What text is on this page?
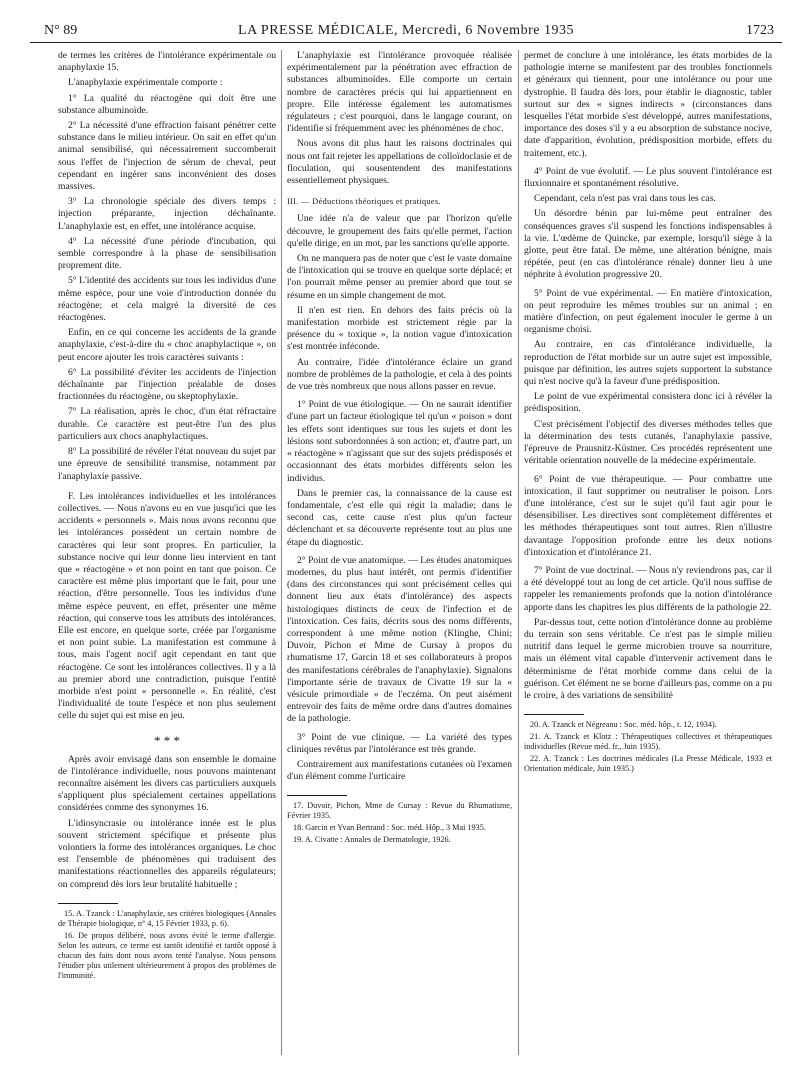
N° 89	LA PRESSE MÉDICALE, Mercredi, 6 Novembre 1935	1723

de termes les critères de l'intolérance expérimentale ou anaphylaxie 15.

L'anaphylaxie expérimentale comporte :

1° La qualité du réactogène qui doit être une substance albuminoïde.

2° La nécessité d'une effraction faisant pénétrer cette substance dans le milieu intérieur. On sait en effet qu'un animal sensibilisé, qui nécessairement succomberait sous l'effet de l'injection de sérum de cheval, peut cependant en ingérer sans inconvénient des doses massives.

3° La chronologie spéciale des divers temps : injection préparante, injection déchaînante. L'anaphylaxie est, en effet, une intolérance acquise.

4° La nécessité d'une période d'incubation, qui semble correspondre à la phase de sensibilisation proprement dite.

5° L'identité des accidents sur tous les individus d'une même espèce, pour une voie d'introduction donnée du réactogène; et cela malgré la diversité de ces réactogènes.

Enfin, en ce qui concerne les accidents de la grande anaphylaxie, c'est-à-dire du « choc anaphylactique », on peut encore ajouter les trois caractères suivants :

6° La possibilité d'éviter les accidents de l'injection déchaînante par l'injection préalable de doses fractionnées du réactogène, ou skeptophylaxie.

7° La réalisation, après le choc, d'un état réfractaire durable. Ce caractère est peut-être l'un des plus particuliers aux chocs anaphylactiques.

8° La possibilité de révéler l'état nouveau du sujet par une épreuve de sensibilité transmise, notamment par l'anaphylaxie passive.

F. Les intolérances individuelles et les intolérances collectives. — Nous n'avons eu en vue jusqu'ici que les accidents « personnels ». Mais nous avons reconnu que les intolérances possèdent un certain nombre de caractères qui leur sont propres. En particulier, la substance nocive qui leur donne lieu intervient en tant que « réactogène » et non point en tant que poison. Ce caractère est même plus important que le fait, pour une réaction, d'être personnelle. Tous les individus d'une même espèce peuvent, en effet, présenter une même réaction, qui conserve tous les attributs des intolérances. Elle est encore, en quelque sorte, créée par l'organisme et non point subie. La manifestation est commune à tous, mais l'agent nocif agit cependant en tant que réactogène. Ce sont les intolérances collectives. Il y a là au premier abord une contradiction, puisque l'entité morbide n'est point « personnelle ». En réalité, c'est l'individualité de toute l'espèce et non plus seulement celle du sujet qui est mise en jeu.

* * *

Après avoir envisagé dans son ensemble le domaine de l'intolérance individuelle, nous pouvons maintenant reconnaître aisément les divers cas particuliers auxquels s'appliquent plus spécialement certaines appellations considérées comme des synonymes 16.

L'idiosyncrasie ou intolérance innée est le plus souvent strictement spécifique et présente plus volontiers la forme des intolérances organiques. Le choc est l'ensemble de phénomènes qui traduisent des manifestations réactionnelles des appareils régulateurs; on comprend dès lors leur brutalité habituelle ;

15. A. Tzanck : L'anaphylaxie, ses critères biologiques (Annales de Thérapie biologique, n° 4, 15 Février 1933, p. 6).

16. De propos délibéré, nous avons évité le terme d'allergie. Selon les auteurs, ce terme est tantôt identifié et tantôt opposé à chacun des faits dont nous avons tenté l'analyse. Nous pensons l'étudier plus utilement ultérieurement à propos des problèmes de l'immunité.

L'anaphylaxie est l'intolérance provoquée réalisée expérimentalement par la pénétration avec effraction de substances albuminoïdes. Elle comporte un certain nombre de caractères précis qui lui appartiennent en propre. Elle intéresse également les automatismes régulateurs ; c'est pourquoi, dans le langage courant, on l'identifie si fréquemment avec les phénomènes de choc.

Nous avons dit plus haut les raisons doctrinales qui nous ont fait rejeter les appellations de colloïdoclasie et de floculation, qui sousentendent des manifestations essentiellement physiques.

III. — Déductions théoriques et pratiques.

Une idée n'a de valeur que par l'horizon qu'elle découvre, le groupement des faits qu'elle permet, l'action qu'elle dirige, en un mot, par les sanctions qu'elle apporte.

On ne manquera pas de noter que c'est le vaste domaine de l'intoxication qui se trouve en quelque sorte déplacé; et l'on pourrait même penser au premier abord que tout se résume en un simple changement de mot.

Il n'en est rien. En dehors des faits précis où la manifestation morbide est strictement régie par la présence du « toxique », la notion vague d'intoxication s'est montrée inféconde.

Au contraire, l'idée d'intolérance éclaire un grand nombre de problèmes de la pathologie, et cela à des points de vue très nombreux que nous allons passer en revue.

1° Point de vue étiologique. — On ne saurait identifier d'une part un facteur étiologique tel qu'un « poison » dont les effets sont identiques sur tous les sujets et dont les lésions sont subordonnées à son action; et, d'autre part, un « réactogène » n'agissant que sur des sujets prédisposés et occasionnant des états morbides différents selon les individus.

Dans le premier cas, la connaissance de la cause est fondamentale, c'est elle qui régit la maladie; dans le second cas, cette cause n'est plus qu'un facteur déclenchant et sa découverte représente tout au plus une étape du diagnostic.

2° Point de vue anatomique. — Les études anatomiques modernes, du plus haut intérêt, ont permis d'identifier (dans des circonstances qui sont précisément celles qui donnent lieu aux états d'intolérance) des aspects histologiques distincts de ceux de l'infection et de l'intoxication. Ces faits, décrits sous des noms différents, correspondent à une même notion (Klinghe, Chini; Duvoir, Pichon et Mme de Cursay à propos du rhumatisme 17, Garcin 18 et ses collaborateurs à propos des manifestations cérébrales de l'anaphylaxie). Signalons l'importante série de travaux de Civatte 19 sur la « vésicule primordiale » de l'eczéma. On peut aisément entrevoir des faits de même ordre dans d'autres domaines de la pathologie.

3° Point de vue clinique. — La variété des types cliniques revêtus par l'intolérance est très grande.

Contrairement aux manifestations cutanées où l'examen d'un élément comme l'urticaire

17. Duvoir, Pichon, Mme de Cursay : Revue du Rhumatisme, Février 1935.

18. Garcin et Yvan Bertrand : Soc. méd. Hôp., 3 Mai 1935.

19. A. Civatte : Annales de Dermatologie, 1926.

permet de conclure à une intolérance, les états morbides de la pathologie interne se manifestent par des troubles fonctionnels et généraux qui tiennent, pour une intolérance ou pour une dystrophie. Il faudra dès lors, pour établir le diagnostic, tabler surtout sur des « signes indirects » (circonstances dans lesquelles l'état morbide s'est développé, autres manifestations, importance des doses s'il y a eu absorption de substance nocive, date d'apparition, évolution, prédisposition morbide, effets du traitement, etc.).

4° Point de vue évolutif. — Le plus souvent l'intolérance est fluxionnaire et spontanément résolutive.

Cependant, cela n'est pas vrai dans tous les cas.

Un désordre bénin par lui-même peut entraîner des conséquences graves s'il suspend les fonctions indispensables à la vie. L'œdème de Quincke, par exemple, lorsqu'il siège à la glotte, peut être fatal. De même, une altération bénigne, mais répétée, peut (en cas d'intolérance rénale) donner lieu à une néphrite à évolution progressive 20.

5° Point de vue expérimental. — En matière d'intoxication, on peut reproduire les mêmes troubles sur un animal ; en matière d'infection, on peut également inoculer le germe à un organisme choisi.

Au contraire, en cas d'intolérance individuelle, la reproduction de l'état morbide sur un autre sujet est impossible, puisque par définition, les autres sujets supportent la substance qui n'est nocive qu'à la faveur d'une prédisposition.

Le point de vue expérimental consistera donc ici à révéler la prédisposition.

C'est précisément l'objectif des diverses méthodes telles que la détermination des tests cutanés, l'anaphylaxie passive, l'épreuve de Prausnitz-Küstner. Ces procédés représentent une véritable orientation nouvelle de la médecine expérimentale.

6° Point de vue thérapeutique. — Pour combattre une intoxication, il faut supprimer ou neutraliser le poison. Lors d'une intolérance, c'est sur le sujet qu'il faut agir pour le désensibiliser. Les directives sont complètement différentes et les méthodes thérapeutiques sont tout autres. Rien n'illustre davantage l'opposition profonde entre les deux notions d'intoxication et d'intolérance 21.

7° Point de vue doctrinal. — Nous n'y reviendrons pas, car il a été développé tout au long de cet article. Qu'il nous suffise de rappeler les remaniements profonds que la notion d'intolérance apporte dans les chapitres les plus différents de la pathologie 22.

Par-dessus tout, cette notion d'intolérance donne au problème du terrain son sens véritable. Ce n'est pas le simple milieu nutritif dans lequel le germe microbien trouve sa nourriture, mais un élément vital capable d'intervenir activement dans le déterminisme de l'état morbide comme dans celui de la guérison. Cet élément ne se borne d'ailleurs pas, comme on a pu le croire, à des variations de sensibilité

20. A. Tzanck et Négreanu : Soc. méd. hôp., t. 12, 1934).

21. A. Tzanck et Klotz : Thérapeutiques collectives et thérapeutiques individuelles (Revue méd. fr., Juin 1935).

22. A. Tzanck : Les doctrines médicales (La Presse Médicale, 1933 et Orientation médicale, Juin 1935.)
